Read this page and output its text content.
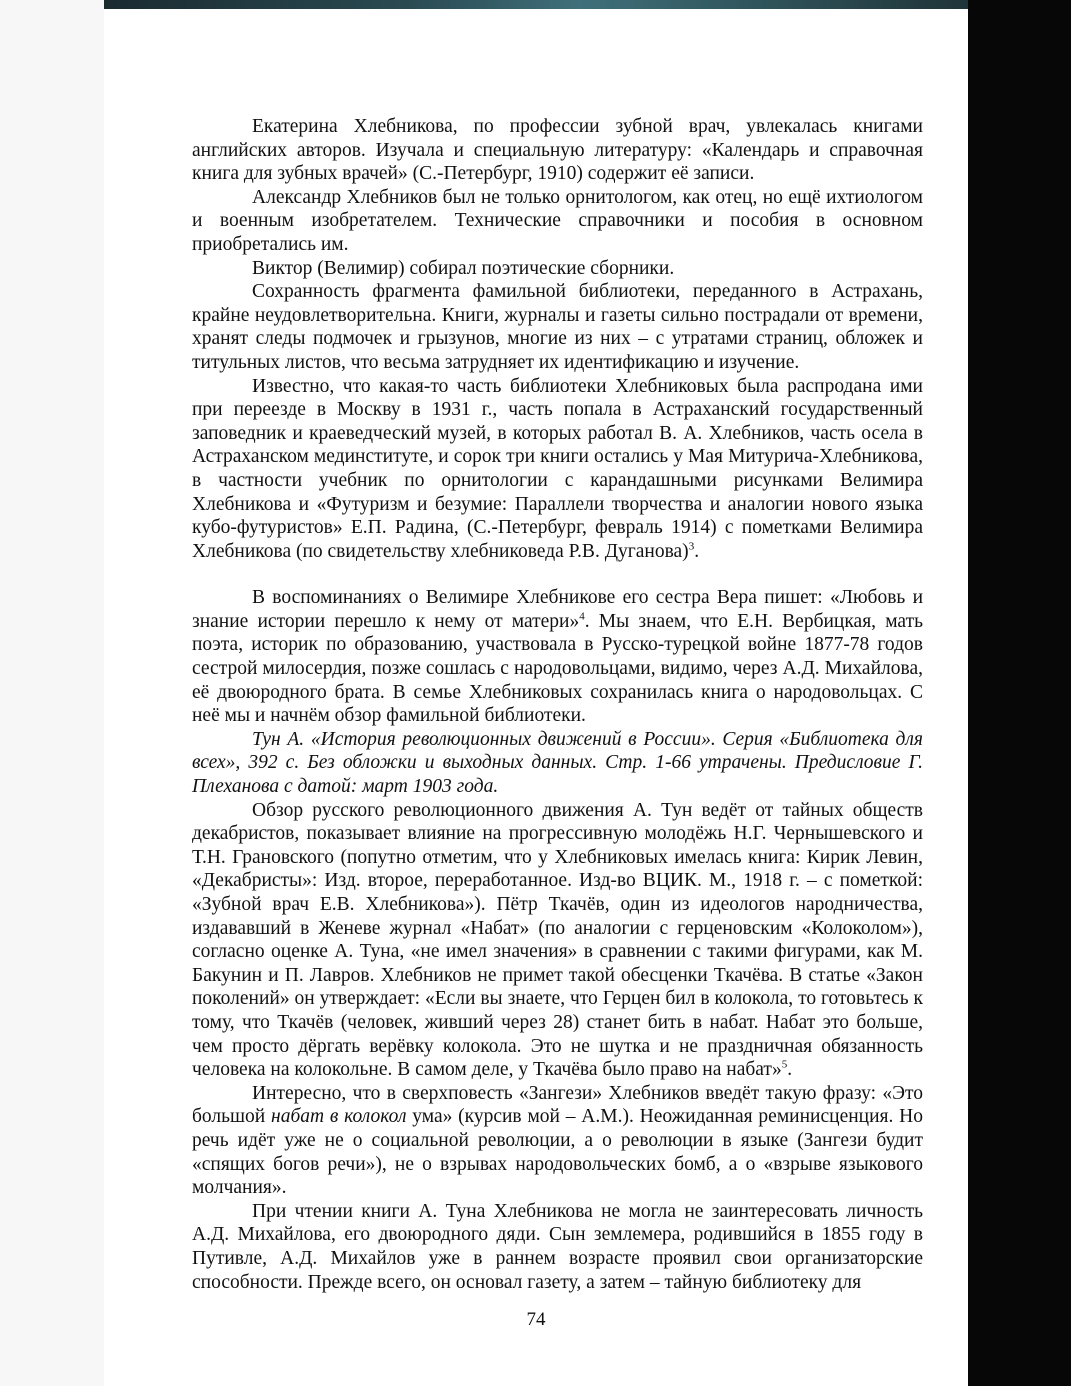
Екатерина Хлебникова, по профессии зубной врач, увлекалась книгами английских авторов. Изучала и специальную литературу: «Календарь и справочная книга для зубных врачей» (С.-Петербург, 1910) содержит её записи.

Александр Хлебников был не только орнитологом, как отец, но ещё ихтиологом и военным изобретателем. Технические справочники и пособия в основном приобретались им.

Виктор (Велимир) собирал поэтические сборники.

Сохранность фрагмента фамильной библиотеки, переданного в Астрахань, крайне неудовлетворительна. Книги, журналы и газеты сильно пострадали от времени, хранят следы подмочек и грызунов, многие из них – с утратами страниц, обложек и титульных листов, что весьма затрудняет их идентификацию и изучение.

Известно, что какая-то часть библиотеки Хлебниковых была распродана ими при переезде в Москву в 1931 г., часть попала в Астраханский государственный заповедник и краеведческий музей, в которых работал В. А. Хлебников, часть осела в Астраханском мединституте, и сорок три книги остались у Мая Митурича-Хлебникова, в частности учебник по орнитологии с карандашными рисунками Велимира Хлебникова и «Футуризм и безумие: Параллели творчества и аналогии нового языка кубо-футуристов» Е.П. Радина, (С.-Петербург, февраль 1914) с пометками Велимира Хлебникова (по свидетельству хлебниковеда Р.В. Дуганова)$^3$.

В воспоминаниях о Велимире Хлебникове его сестра Вера пишет: «Любовь и знание истории перешло к нему от матери»$^4$. Мы знаем, что Е.Н. Вербицкая, мать поэта, историк по образованию, участвовала в Русско-турецкой войне 1877-78 годов сестрой милосердия, позже сошлась с народовольцами, видимо, через А.Д. Михайлова, её двоюродного брата. В семье Хлебниковых сохранилась книга о народовольцах. С неё мы и начнём обзор фамильной библиотеки.

Тун А. «История революционных движений в России». Серия «Библиотека для всех», 392 с. Без обложки и выходных данных. Стр. 1-66 утрачены. Предисловие Г. Плеханова с датой: март 1903 года.

Обзор русского революционного движения А. Тун ведёт от тайных обществ декабристов, показывает влияние на прогрессивную молодёжь Н.Г. Чернышевского и Т.Н. Грановского (попутно отметим, что у Хлебниковых имелась книга: Кирик Левин, «Декабристы»: Изд. второе, переработанное. Изд-во ВЦИК. М., 1918 г. – с пометкой: «Зубной врач Е.В. Хлебникова»). Пётр Ткачёв, один из идеологов народничества, издававший в Женеве журнал «Набат» (по аналогии с герценовским «Колоколом»), согласно оценке А. Туна, «не имел значения» в сравнении с такими фигурами, как М. Бакунин и П. Лавров. Хлебников не примет такой обесценки Ткачёва. В статье «Закон поколений» он утверждает: «Если вы знаете, что Герцен бил в колокола, то готовьтесь к тому, что Ткачёв (человек, живший через 28) станет бить в набат. Набат это больше, чем просто дёргать верёвку колокола. Это не шутка и не праздничная обязанность человека на колокольне. В самом деле, у Ткачёва было право на набат»$^5$.

Интересно, что в сверхповесть «Зангези» Хлебников введёт такую фразу: «Это большой набат в колокол ума» (курсив мой – А.М.). Неожиданная реминисценция. Но речь идёт уже не о социальной революции, а о революции в языке (Зангези будит «спящих богов речи»), не о взрывах народовольческих бомб, а о «взрыве языкового молчания».

При чтении книги А. Туна Хлебникова не могла не заинтересовать личность А.Д. Михайлова, его двоюродного дяди. Сын землемера, родившийся в 1855 году в Путивле, А.Д. Михайлов уже в раннем возрасте проявил свои организаторские способности. Прежде всего, он основал газету, а затем – тайную библиотеку для

74
